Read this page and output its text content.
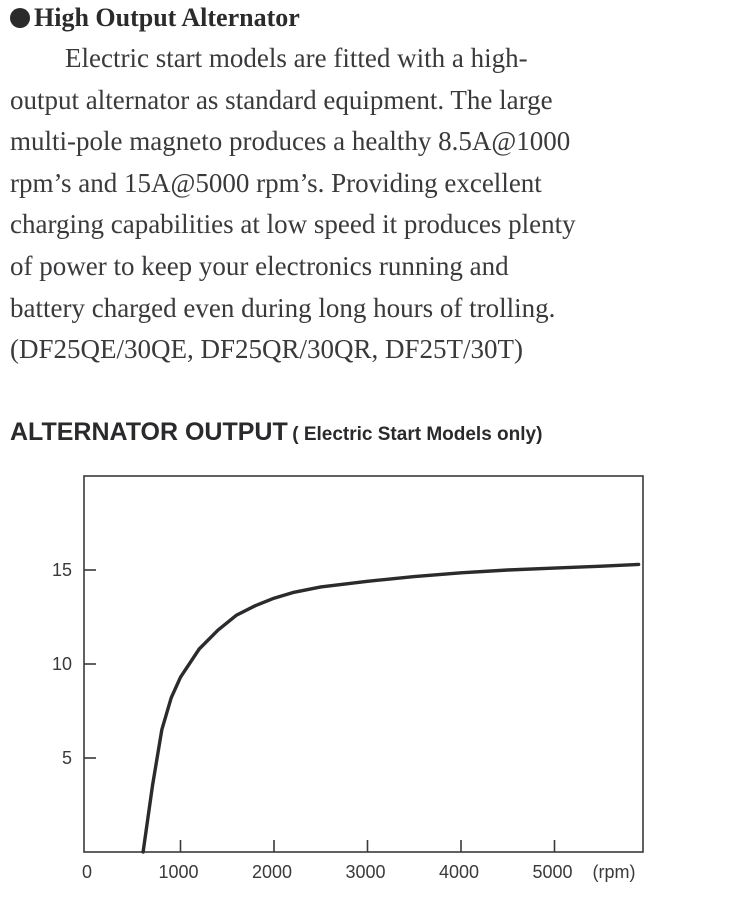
High Output Alternator
Electric start models are fitted with a high-
output alternator as standard equipment. The large
multi-pole magneto produces a healthy 8.5A@1000
rpm’s and 15A@5000 rpm’s. Providing excellent
charging capabilities at low speed it produces plenty
of power to keep your electronics running and
battery charged even during long hours of trolling.
(DF25QE/30QE, DF25QR/30QR, DF25T/30T)
ALTERNATOR OUTPUT ( Electric Start Models only)
5
10
15
0	1000	2000	3000	4000	5000 (rpm)
